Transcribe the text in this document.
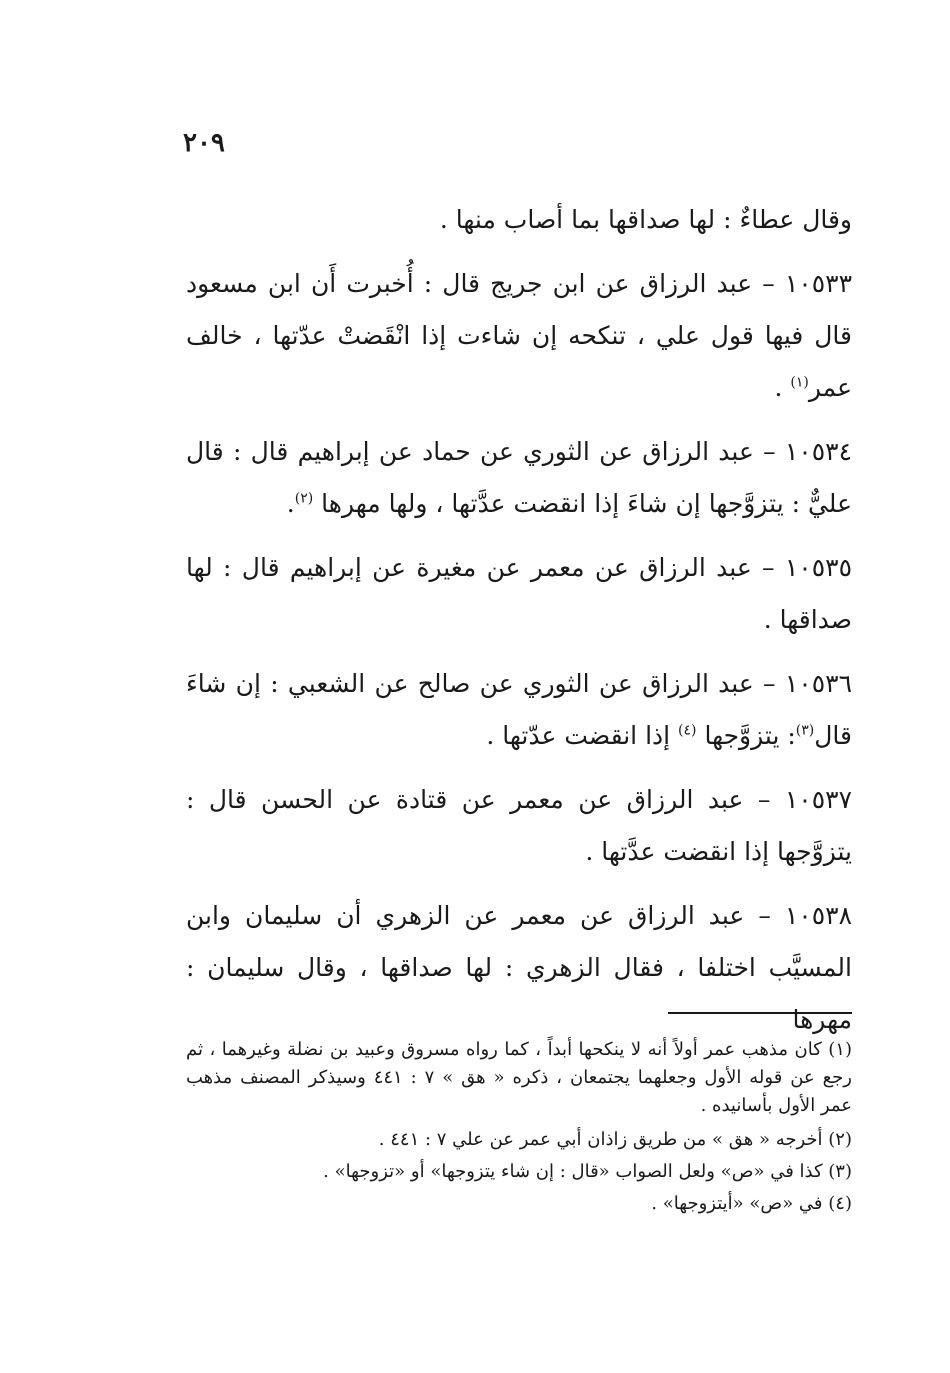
٢٠٩

وقال عطاءٌ : لها صداقها بما أصاب منها .

١٠٥٣٣ – عبد الرزاق عن ابن جريج قال : أُخبرت أَن ابن مسعود قال فيها قول علي ، تنكحه إن شاءت إذا انْقَضتْ عدّتها ، خالف عمر$^{(١)}$ .

١٠٥٣٤ – عبد الرزاق عن الثوري عن حماد عن إبراهيم قال : قال عليٌّ : يتزوَّجها إن شاءَ إذا انقضت عدَّتها ، ولها مهرها $^{(٢)}$.

١٠٥٣٥ – عبد الرزاق عن معمر عن مغيرة عن إبراهيم قال : لها صداقها .

١٠٥٣٦ – عبد الرزاق عن الثوري عن صالح عن الشعبي : إن شاءَ قال$^{(٣)}$: يتزوَّجها $^{(٤)}$ إذا انقضت عدّتها .

١٠٥٣٧ – عبد الرزاق عن معمر عن قتادة عن الحسن قال : يتزوَّجها إذا انقضت عدَّتها .

١٠٥٣٨ – عبد الرزاق عن معمر عن الزهري أن سليمان وابن المسيَّب اختلفا ، فقال الزهري : لها صداقها ، وقال سليمان : مهرها

(١) كان مذهب عمر أولاً أنه لا ينكحها أبداً ، كما رواه مسروق وعبيد بن نضلة وغيرهما ، ثم رجع عن قوله الأول وجعلهما يجتمعان ، ذكره « هق » ٧ : ٤٤١ وسيذكر المصنف مذهب عمر الأول بأسانيده .

(٢) أخرجه « هق » من طريق زاذان أبي عمر عن علي ٧ : ٤٤١ .

(٣) كذا في «ص» ولعل الصواب «قال : إن شاء يتزوجها» أو «تزوجها» .

(٤) في «ص» «أيتزوجها» .
